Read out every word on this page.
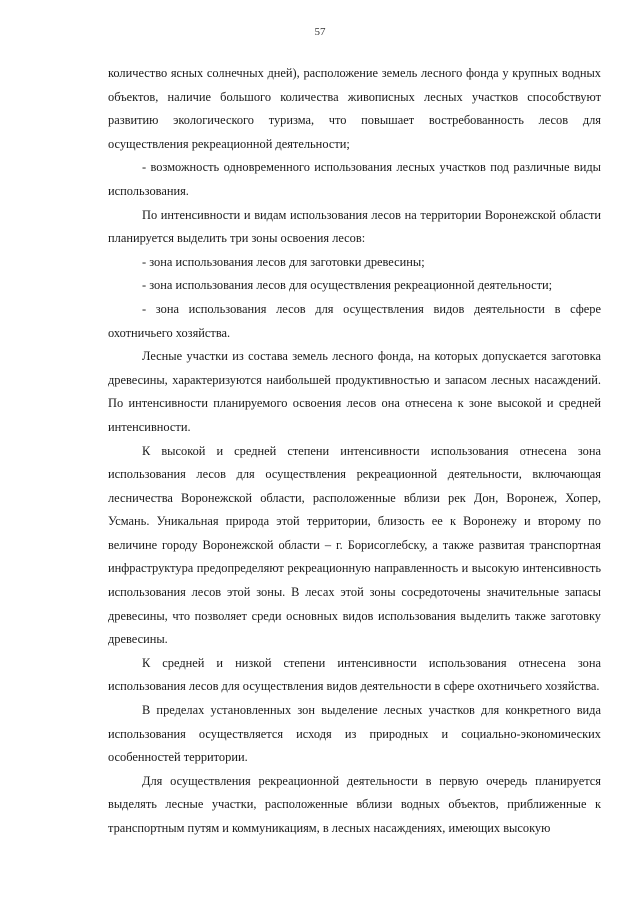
57

количество ясных солнечных дней), расположение земель лесного фонда у крупных водных объектов, наличие большого количества живописных лесных участков способствуют развитию экологического туризма, что повышает востребованность лесов для осуществления рекреационной деятельности;

- возможность одновременного использования лесных участков под различные виды использования.

По интенсивности и видам использования лесов на территории Воронежской области планируется выделить три зоны освоения лесов:

- зона использования лесов для заготовки древесины;

- зона использования лесов для осуществления рекреационной деятельности;

- зона использования лесов для осуществления видов деятельности в сфере охотничьего хозяйства.

Лесные участки из состава земель лесного фонда, на которых допускается заготовка древесины, характеризуются наибольшей продуктивностью и запасом лесных насаждений. По интенсивности планируемого освоения лесов она отнесена к зоне высокой и средней интенсивности.

К высокой и средней степени интенсивности использования отнесена зона использования лесов для осуществления рекреационной деятельности, включающая лесничества Воронежской области, расположенные вблизи рек Дон, Воронеж, Хопер, Усмань. Уникальная природа этой территории, близость ее к Воронежу и второму по величине городу Воронежской области – г. Борисоглебску, а также развитая транспортная инфраструктура предопределяют рекреационную направленность и высокую интенсивность использования лесов этой зоны. В лесах этой зоны сосредоточены значительные запасы древесины, что позволяет среди основных видов использования выделить также заготовку древесины.

К средней и низкой степени интенсивности использования отнесена зона использования лесов для осуществления видов деятельности в сфере охотничьего хозяйства.

В пределах установленных зон выделение лесных участков для конкретного вида использования осуществляется исходя из природных и социально-экономических особенностей территории.

Для осуществления рекреационной деятельности в первую очередь планируется выделять лесные участки, расположенные вблизи водных объектов, приближенные к транспортным путям и коммуникациям, в лесных насаждениях, имеющих высокую
